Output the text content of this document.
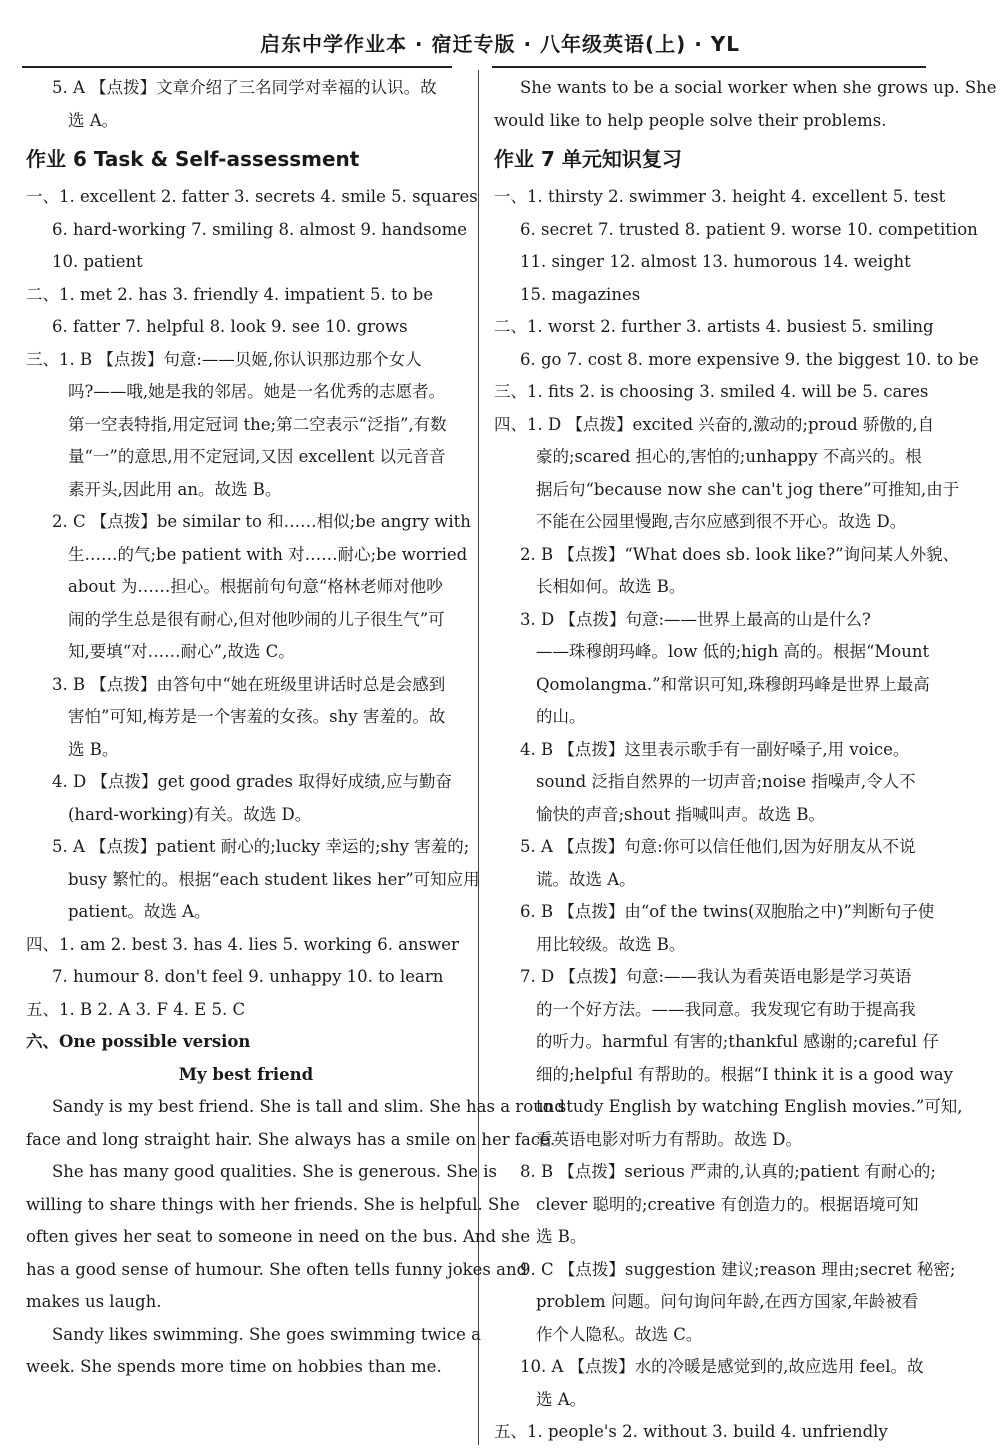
启东中学作业本 · 宿迁专版 · 八年级英语(上) · YL
5. A 【点拨】文章介绍了三名同学对幸福的认识。故
选 A。
作业 6 Task & Self-assessment
一、1. excellent 2. fatter 3. secrets 4. smile 5. squares
6. hard-working 7. smiling 8. almost 9. handsome
10. patient
二、1. met 2. has 3. friendly 4. impatient 5. to be
6. fatter 7. helpful 8. look 9. see 10. grows
三、1. B 【点拨】句意:——贝姬,你认识那边那个女人
吗?——哦,她是我的邻居。她是一名优秀的志愿者。
第一空表特指,用定冠词 the;第二空表示“泛指”,有数
量“一”的意思,用不定冠词,又因 excellent 以元音音
素开头,因此用 an。故选 B。
2. C 【点拨】be similar to 和……相似;be angry with
生……的气;be patient with 对……耐心;be worried
about 为……担心。根据前句句意“格林老师对他吵
闹的学生总是很有耐心,但对他吵闹的儿子很生气”可
知,要填“对……耐心”,故选 C。
3. B 【点拨】由答句中“她在班级里讲话时总是会感到
害怕”可知,梅芳是一个害羞的女孩。shy 害羞的。故
选 B。
4. D 【点拨】get good grades 取得好成绩,应与勤奋
(hard-working)有关。故选 D。
5. A 【点拨】patient 耐心的;lucky 幸运的;shy 害羞的;
busy 繁忙的。根据“each student likes her”可知应用
patient。故选 A。
四、1. am 2. best 3. has 4. lies 5. working 6. answer
7. humour 8. don't feel 9. unhappy 10. to learn
五、1. B 2. A 3. F 4. E 5. C
六、One possible version
My best friend
Sandy is my best friend. She is tall and slim. She has a round
face and long straight hair. She always has a smile on her face.
She has many good qualities. She is generous. She is
willing to share things with her friends. She is helpful. She
often gives her seat to someone in need on the bus. And she
has a good sense of humour. She often tells funny jokes and
makes us laugh.
Sandy likes swimming. She goes swimming twice a
week. She spends more time on hobbies than me.
She wants to be a social worker when she grows up. She
would like to help people solve their problems.
作业 7 单元知识复习
一、1. thirsty 2. swimmer 3. height 4. excellent 5. test
6. secret 7. trusted 8. patient 9. worse 10. competition
11. singer 12. almost 13. humorous 14. weight
15. magazines
二、1. worst 2. further 3. artists 4. busiest 5. smiling
6. go 7. cost 8. more expensive 9. the biggest 10. to be
三、1. fits 2. is choosing 3. smiled 4. will be 5. cares
四、1. D 【点拨】excited 兴奋的,激动的;proud 骄傲的,自
豪的;scared 担心的,害怕的;unhappy 不高兴的。根
据后句“because now she can't jog there”可推知,由于
不能在公园里慢跑,吉尔应感到很不开心。故选 D。
2. B 【点拨】“What does sb. look like?”询问某人外貌、
长相如何。故选 B。
3. D 【点拨】句意:——世界上最高的山是什么?
——珠穆朗玛峰。low 低的;high 高的。根据“Mount
Qomolangma.”和常识可知,珠穆朗玛峰是世界上最高
的山。
4. B 【点拨】这里表示歌手有一副好嗓子,用 voice。
sound 泛指自然界的一切声音;noise 指噪声,令人不
愉快的声音;shout 指喊叫声。故选 B。
5. A 【点拨】句意:你可以信任他们,因为好朋友从不说
谎。故选 A。
6. B 【点拨】由“of the twins(双胞胎之中)”判断句子使
用比较级。故选 B。
7. D 【点拨】句意:——我认为看英语电影是学习英语
的一个好方法。——我同意。我发现它有助于提高我
的听力。harmful 有害的;thankful 感谢的;careful 仔
细的;helpful 有帮助的。根据“I think it is a good way
to study English by watching English movies.”可知,
看英语电影对听力有帮助。故选 D。
8. B 【点拨】serious 严肃的,认真的;patient 有耐心的;
clever 聪明的;creative 有创造力的。根据语境可知
选 B。
9. C 【点拨】suggestion 建议;reason 理由;secret 秘密;
problem 问题。问句询问年龄,在西方国家,年龄被看
作个人隐私。故选 C。
10. A 【点拨】水的冷暖是感觉到的,故应选用 feel。故
选 A。
五、1. people's 2. without 3. build 4. unfriendly
